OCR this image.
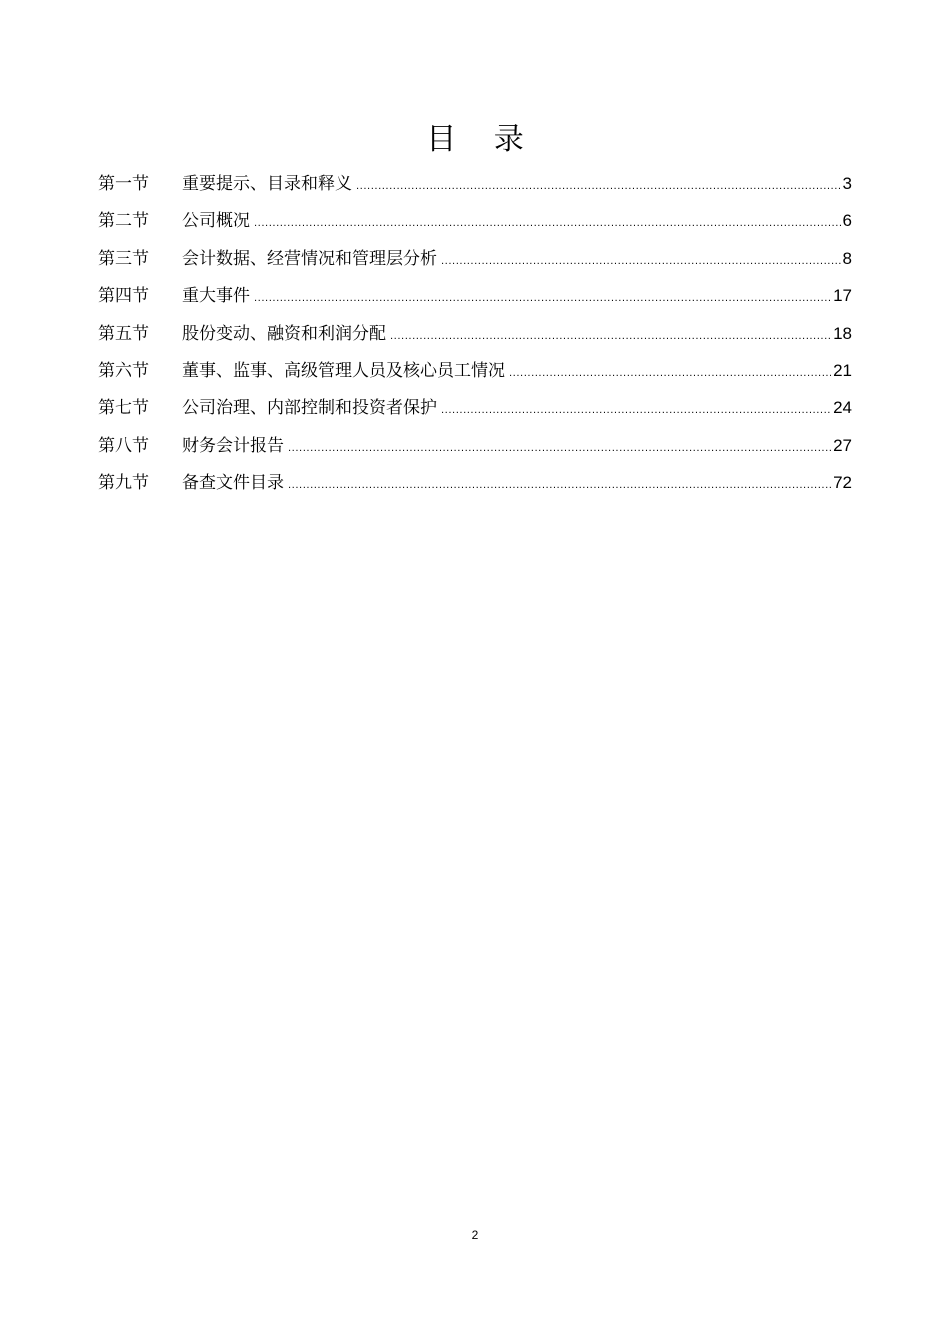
目 录
第一节	重要提示、目录和释义 .....	3
第二节	公司概况 .....	6
第三节	会计数据、经营情况和管理层分析 .....	8
第四节	重大事件 .....	17
第五节	股份变动、融资和利润分配 .....	18
第六节	董事、监事、高级管理人员及核心员工情况 .....	21
第七节	公司治理、内部控制和投资者保护 .....	24
第八节	财务会计报告 .....	27
第九节	备查文件目录 .....	72
2
